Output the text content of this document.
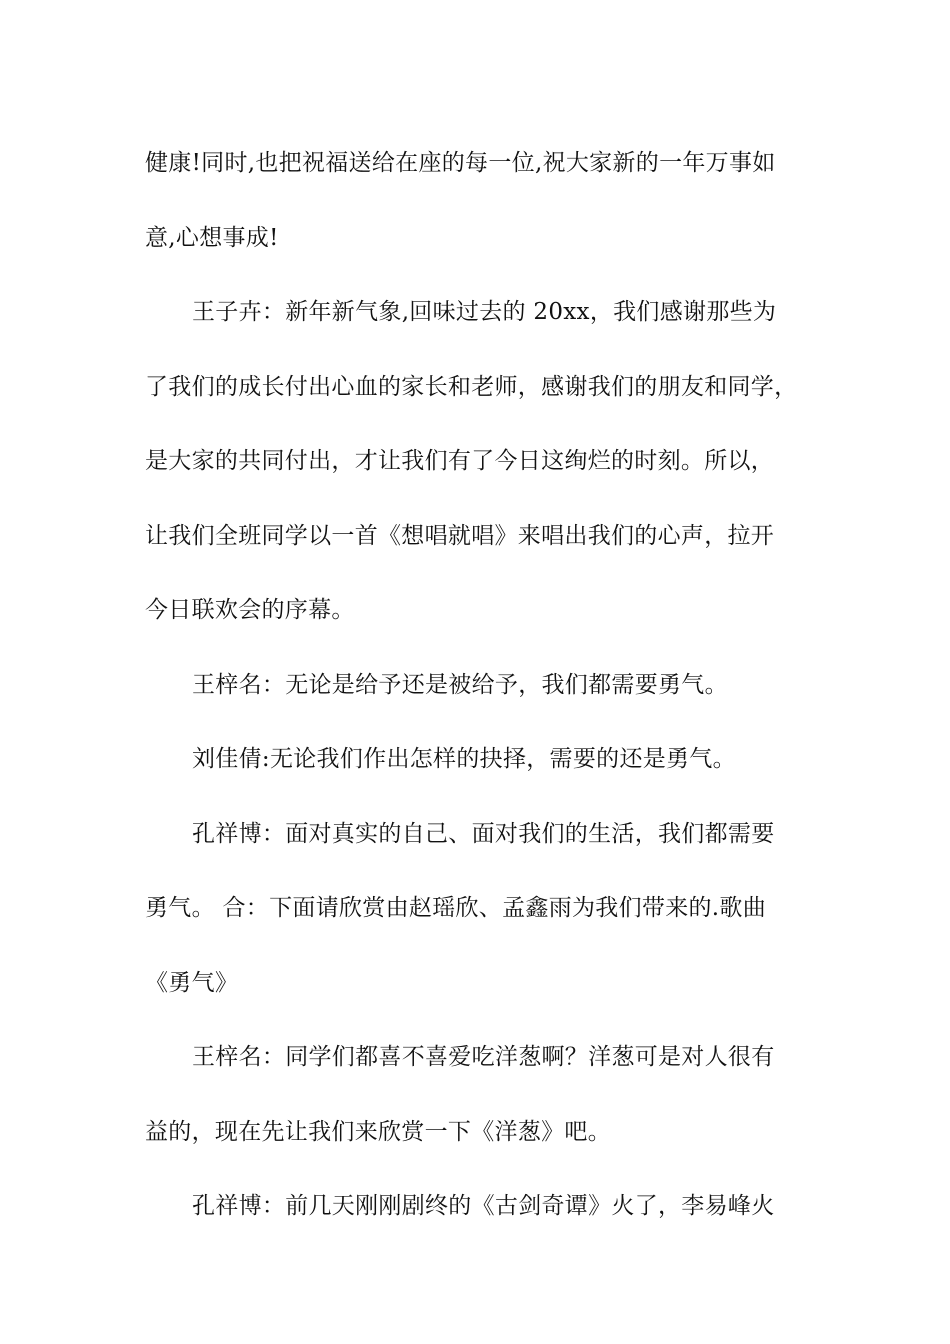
健康!同时,也把祝福送给在座的每一位,祝大家新的一年万事如
意,心想事成!
王子卉：新年新气象,回味过去的 20xx，我们感谢那些为
了我们的成长付出心血的家长和老师，感谢我们的朋友和同学，
是大家的共同付出，才让我们有了今日这绚烂的时刻。所以，
让我们全班同学以一首《想唱就唱》来唱出我们的心声，拉开
今日联欢会的序幕。
王梓名：无论是给予还是被给予，我们都需要勇气。
刘佳倩:无论我们作出怎样的抉择，需要的还是勇气。
孔祥博：面对真实的自己、面对我们的生活，我们都需要
勇气。 合：下面请欣赏由赵瑶欣、孟鑫雨为我们带来的.歌曲
《勇气》
王梓名：同学们都喜不喜爱吃洋葱啊？洋葱可是对人很有
益的，现在先让我们来欣赏一下《洋葱》吧。
孔祥博：前几天刚刚剧终的《古剑奇谭》火了，李易峰火
